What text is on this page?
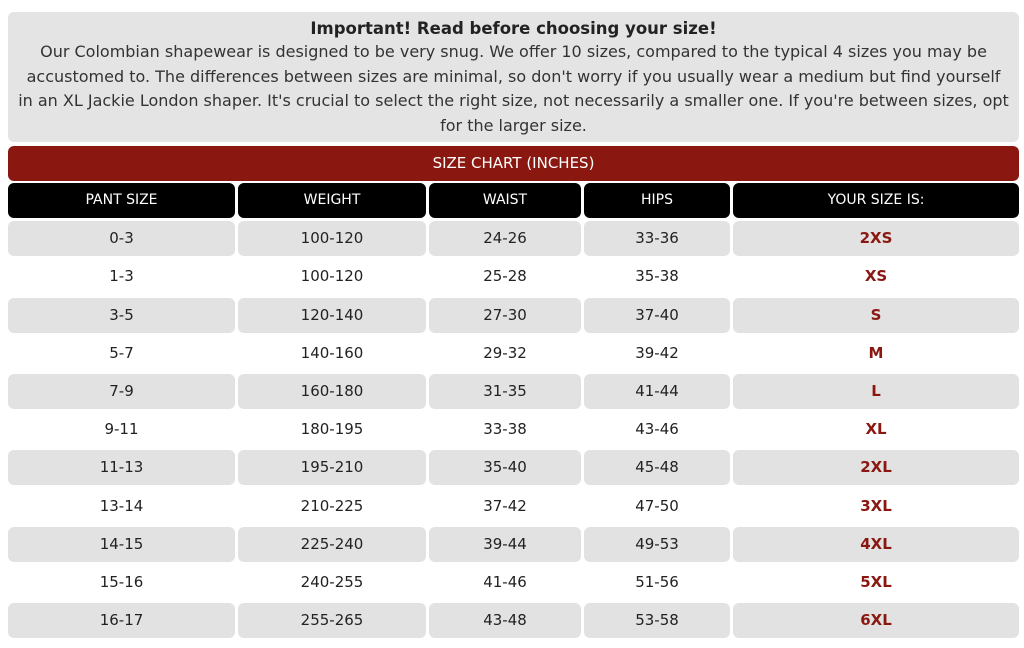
Important! Read before choosing your size!
Our Colombian shapewear is designed to be very snug. We offer 10 sizes, compared to the typical 4 sizes you may be accustomed to. The differences between sizes are minimal, so don't worry if you usually wear a medium but find yourself in an XL Jackie London shaper. It's crucial to select the right size, not necessarily a smaller one. If you're between sizes, opt for the larger size.
SIZE CHART (INCHES)
PANT SIZE	WEIGHT	WAIST	HIPS	YOUR SIZE IS:
0-3	100-120	24-26	33-36	2XS
1-3	100-120	25-28	35-38	XS
3-5	120-140	27-30	37-40	S
5-7	140-160	29-32	39-42	M
7-9	160-180	31-35	41-44	L
9-11	180-195	33-38	43-46	XL
11-13	195-210	35-40	45-48	2XL
13-14	210-225	37-42	47-50	3XL
14-15	225-240	39-44	49-53	4XL
15-16	240-255	41-46	51-56	5XL
16-17	255-265	43-48	53-58	6XL
